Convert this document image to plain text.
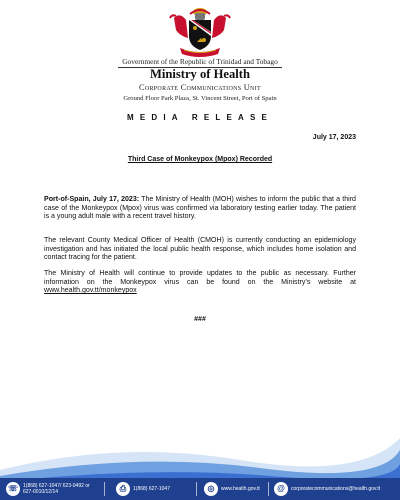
Government of the Republic of Trinidad and Tobago
Ministry of Health
Corporate Communications Unit
Ground Floor Park Plaza, St. Vincent Street, Port of Spain
MEDIA RELEASE
July 17, 2023
Third Case of Monkeypox (Mpox) Recorded

Port-of-Spain, July 17, 2023: The Ministry of Health (MOH) wishes to inform the public that a third case of the Monkeypox (Mpox) virus was confirmed via laboratory testing earlier today. The patient is a young adult male with a recent travel history.

The relevant County Medical Officer of Health (CMOH) is currently conducting an epidemiology investigation and has initiated the local public health response, which includes home isolation and contact tracing for the patient.

The Ministry of Health will continue to provide updates to the public as necessary. Further information on the Monkeypox virus can be found on the Ministry’s website at www.health.gov.tt/monkeypox

###
☏	1(868) 627-1047/ 623-0492 or
627-0010/12/14	⎙	1(868) 627-1047	◎	www.health.gov.tt	@	corporatecommunications@health.gov.tt
